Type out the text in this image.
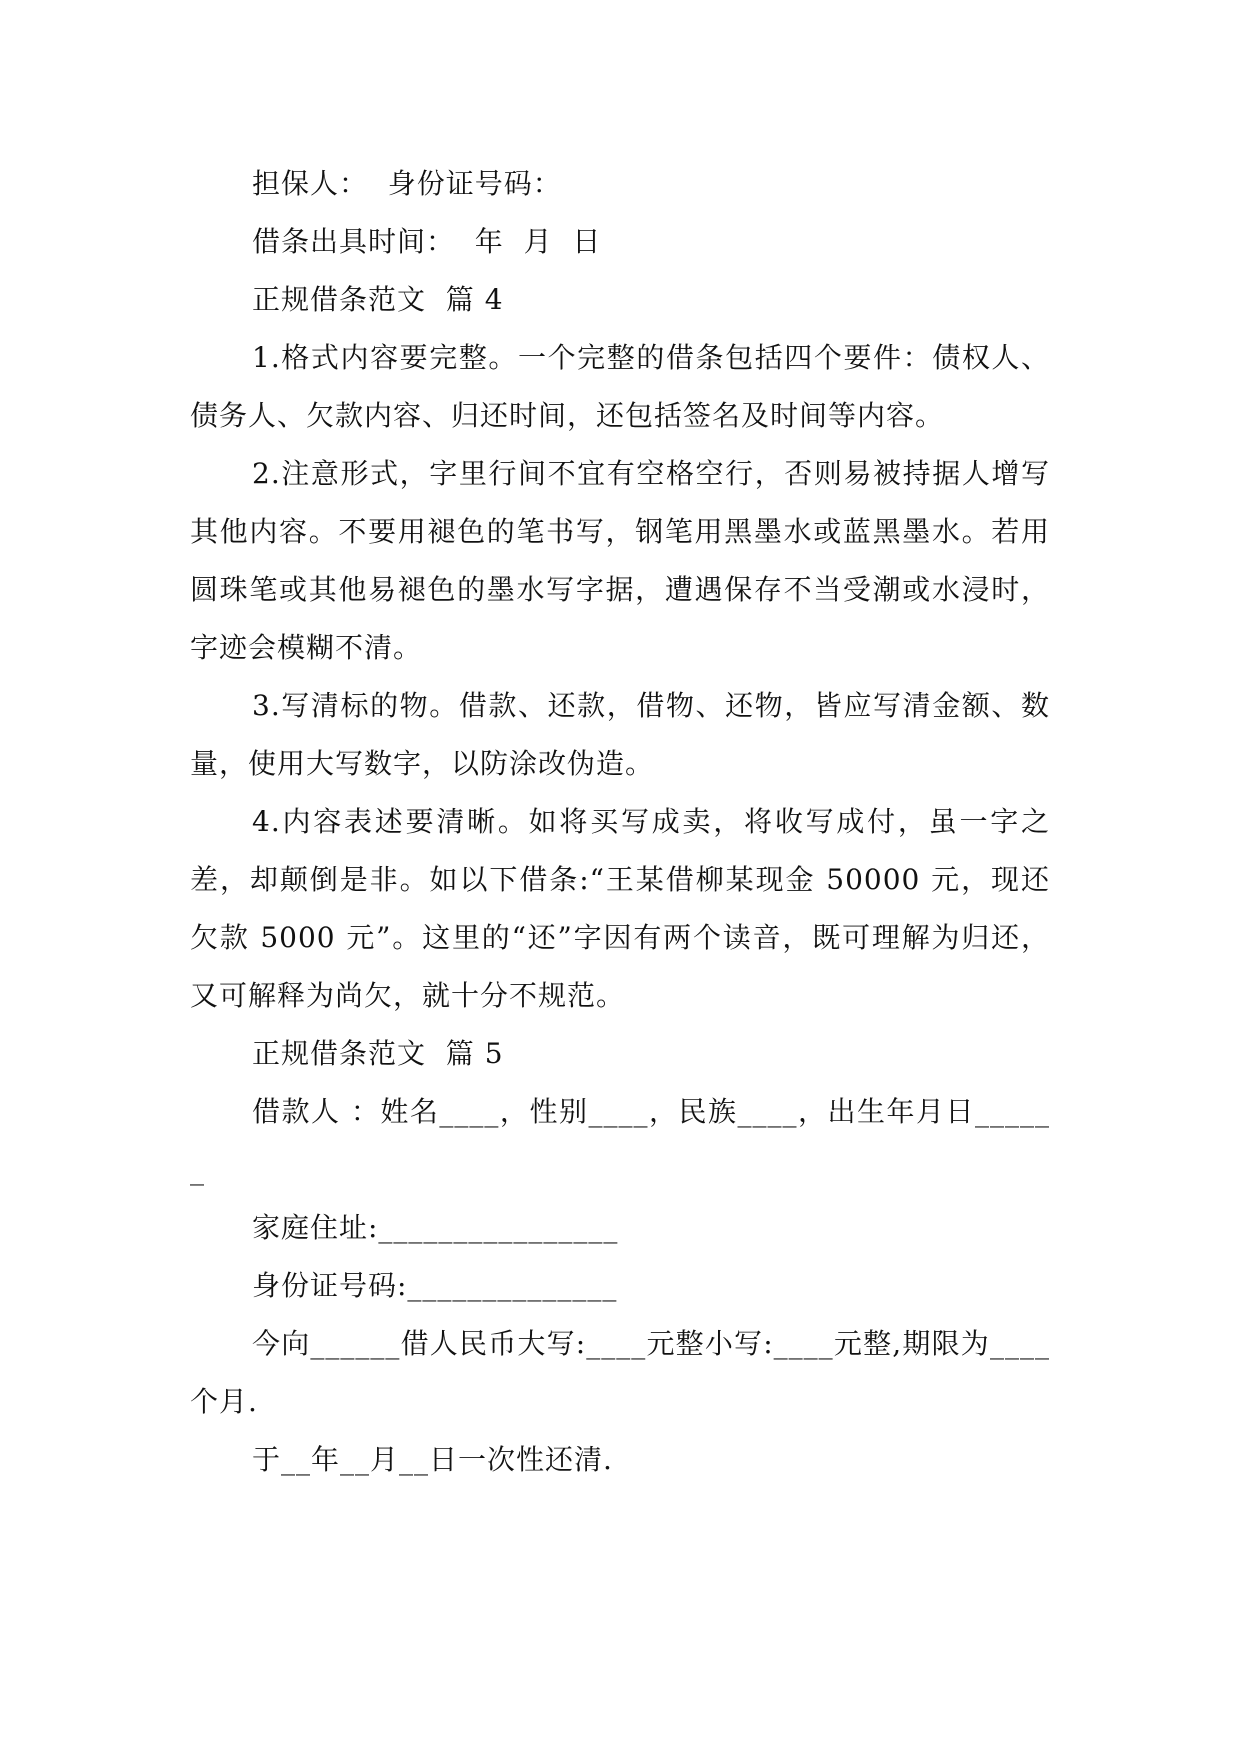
担保人：  身份证号码：

借条出具时间：  年  月  日

正规借条范文  篇 4

1.格式内容要完整。一个完整的借条包括四个要件：债权人、债务人、欠款内容、归还时间，还包括签名及时间等内容。

2.注意形式，字里行间不宜有空格空行，否则易被持据人增写其他内容。不要用褪色的笔书写，钢笔用黑墨水或蓝黑墨水。若用圆珠笔或其他易褪色的墨水写字据，遭遇保存不当受潮或水浸时，字迹会模糊不清。

3.写清标的物。借款、还款，借物、还物，皆应写清金额、数量，使用大写数字，以防涂改伪造。

4.内容表述要清晰。如将买写成卖，将收写成付，虽一字之差，却颠倒是非。如以下借条:“王某借柳某现金 50000 元，现还欠款 5000 元”。这里的“还”字因有两个读音，既可理解为归还，又可解释为尚欠，就十分不规范。

正规借条范文  篇 5

借款人 ：姓名____，性别____，民族____，出生年月日______

家庭住址:________________

身份证号码:______________

今向______借人民币大写:____元整小写:____元整,期限为____个月.

于__年__月__日一次性还清.
